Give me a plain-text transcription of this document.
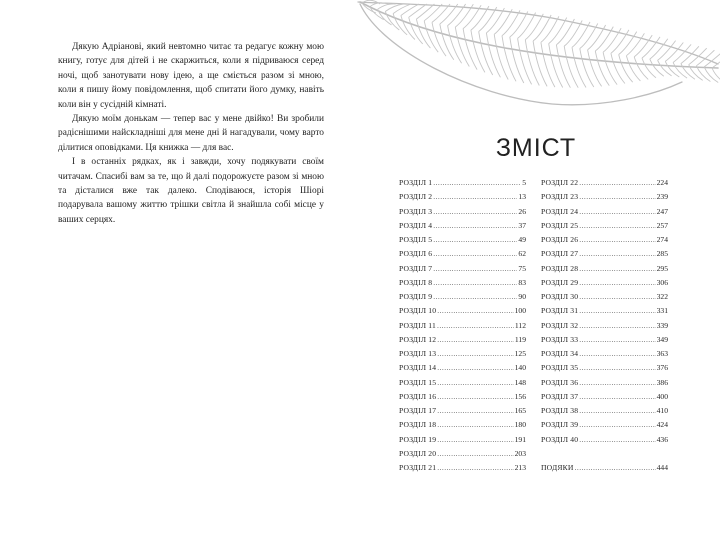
Дякую Адріанові, який невтомно читає та редагує кожну мою книгу, готує для дітей і не скаржиться, коли я підриваюся серед ночі, щоб занотувати нову ідею, а ще сміється разом зі мною, коли я пишу йому повідомлення, щоб спитати його думку, навіть коли він у сусідній кімнаті.

Дякую моїм донькам — тепер вас у мене двійко! Ви зробили радіснішими найскладніші для мене дні й нагадували, чому варто ділитися оповідками. Ця книжка — для вас.

І в останніх рядках, як і завжди, хочу подякувати своїм читачам. Спасибі вам за те, що й далі подорожуєте разом зі мною та дісталися вже так далеко. Сподіваюся, історія Шіорі подарувала вашому життю трішки світла й знайшла собі місце у ваших серцях.

ЗМІСТ
РОЗДІЛ 1 .....	5
РОЗДІЛ 2 .....	13
РОЗДІЛ 3 .....	26
РОЗДІЛ 4 .....	37
РОЗДІЛ 5 .....	49
РОЗДІЛ 6 .....	62
РОЗДІЛ 7 .....	75
РОЗДІЛ 8 .....	83
РОЗДІЛ 9 .....	90
РОЗДІЛ 10 .....	100
РОЗДІЛ 11 .....	112
РОЗДІЛ 12 .....	119
РОЗДІЛ 13 .....	125
РОЗДІЛ 14 .....	140
РОЗДІЛ 15 .....	148
РОЗДІЛ 16 .....	156
РОЗДІЛ 17 .....	165
РОЗДІЛ 18 .....	180
РОЗДІЛ 19 .....	191
РОЗДІЛ 20 .....	203
РОЗДІЛ 21 .....	213
РОЗДІЛ 22 .....	224
РОЗДІЛ 23 .....	239
РОЗДІЛ 24 .....	247
РОЗДІЛ 25 .....	257
РОЗДІЛ 26 .....	274
РОЗДІЛ 27 .....	285
РОЗДІЛ 28 .....	295
РОЗДІЛ 29 .....	306
РОЗДІЛ 30 .....	322
РОЗДІЛ 31 .....	331
РОЗДІЛ 32 .....	339
РОЗДІЛ 33 .....	349
РОЗДІЛ 34 .....	363
РОЗДІЛ 35 .....	376
РОЗДІЛ 36 .....	386
РОЗДІЛ 37 .....	400
РОЗДІЛ 38 .....	410
РОЗДІЛ 39 .....	424
РОЗДІЛ 40 .....	436
ПОДЯКИ .....	444
